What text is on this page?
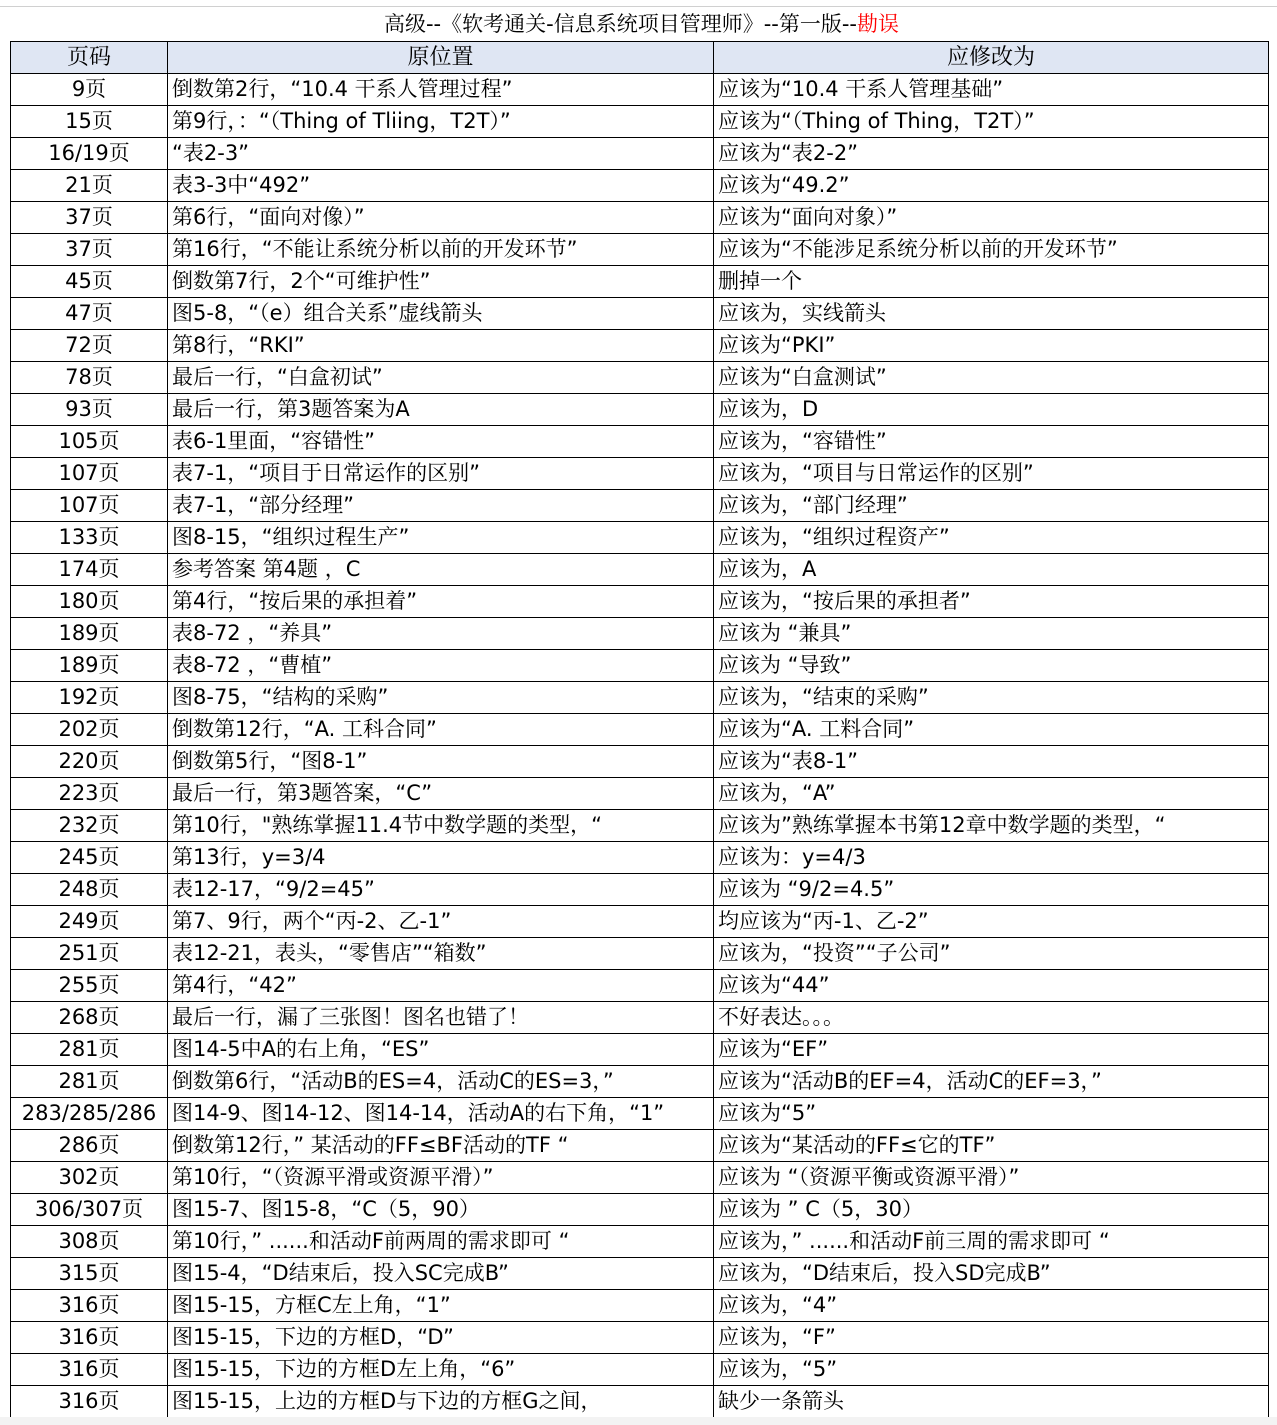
高级--《软考通关-信息系统项目管理师》--第一版--勘误		
页码	原位置	应修改为
9页	倒数第2行，“10.4 干系人管理过程”	应该为“10.4 干系人管理基础”
15页	第9行，：“（Thing of Tliing，T2T）”	应该为“（Thing of Thing，T2T）”
16/19页	“表2-3”	应该为“表2-2”
21页	表3-3中“492”	应该为“49.2”
37页	第6行，“面向对像）”	应该为“面向对象）”
37页	第16行，“不能让系统分析以前的开发环节”	应该为“不能涉足系统分析以前的开发环节”
45页	倒数第7行，2个“可维护性”	删掉一个
47页	图5-8，“（e）组合关系”虚线箭头	应该为，实线箭头
72页	第8行，“RKI”	应该为“PKI”
78页	最后一行，“白盒初试”	应该为“白盒测试”
93页	最后一行，第3题答案为A	应该为，D
105页	表6-1里面，“容错性”	应该为，“容错性”
107页	表7-1，“项目于日常运作的区别”	应该为，“项目与日常运作的区别”
107页	表7-1，“部分经理”	应该为，“部门经理”
133页	图8-15，“组织过程生产”	应该为，“组织过程资产”
174页	参考答案 第4题 ，C	应该为，A
180页	第4行，“按后果的承担着”	应该为，“按后果的承担者”
189页	表8-72 ，“养具”	应该为 “兼具”
189页	表8-72 ，“曹植”	应该为 “导致”
192页	图8-75，“结构的采购”	应该为，“结束的采购”
202页	倒数第12行，“A. 工科合同”	应该为“A. 工料合同”
220页	倒数第5行，“图8-1”	应该为“表8-1”
223页	最后一行，第3题答案，“C”	应该为，“A”
232页	第10行，"熟练掌握11.4节中数学题的类型，“	应该为”熟练掌握本书第12章中数学题的类型，“
245页	第13行，y=3/4	应该为：y=4/3
248页	表12-17，“9/2=45”	应该为 “9/2=4.5”
249页	第7、9行，两个“丙-2、乙-1”	均应该为“丙-1、乙-2”
251页	表12-21，表头，“零售店”“箱数”	应该为，“投资”“子公司”
255页	第4行，“42”	应该为“44”
268页	最后一行，漏了三张图！图名也错了！	不好表达。。。
281页	图14-5中A的右上角，“ES”	应该为“EF”
281页	倒数第6行，“活动B的ES=4，活动C的ES=3，”	应该为“活动B的EF=4，活动C的EF=3，”
283/285/286	图14-9、图14-12、图14-14，活动A的右下角，“1”	应该为“5”
286页	倒数第12行，” 某活动的FF≤BF活动的TF “	应该为“某活动的FF≤它的TF”
302页	第10行，“（资源平滑或资源平滑）”	应该为 “（资源平衡或资源平滑）”
306/307页	图15-7、图15-8，“C（5，90）	应该为 ” C（5，30）
308页	第10行，” ......和活动F前两周的需求即可 “	应该为，” ......和活动F前三周的需求即可 “
315页	图15-4，“D结束后，投入SC完成B”	应该为，“D结束后，投入SD完成B”
316页	图15-15，方框C左上角，“1”	应该为，“4”
316页	图15-15，下边的方框D，“D”	应该为，“F”
316页	图15-15，下边的方框D左上角，“6”	应该为，“5”
316页	图15-15，上边的方框D与下边的方框G之间，	缺少一条箭头
